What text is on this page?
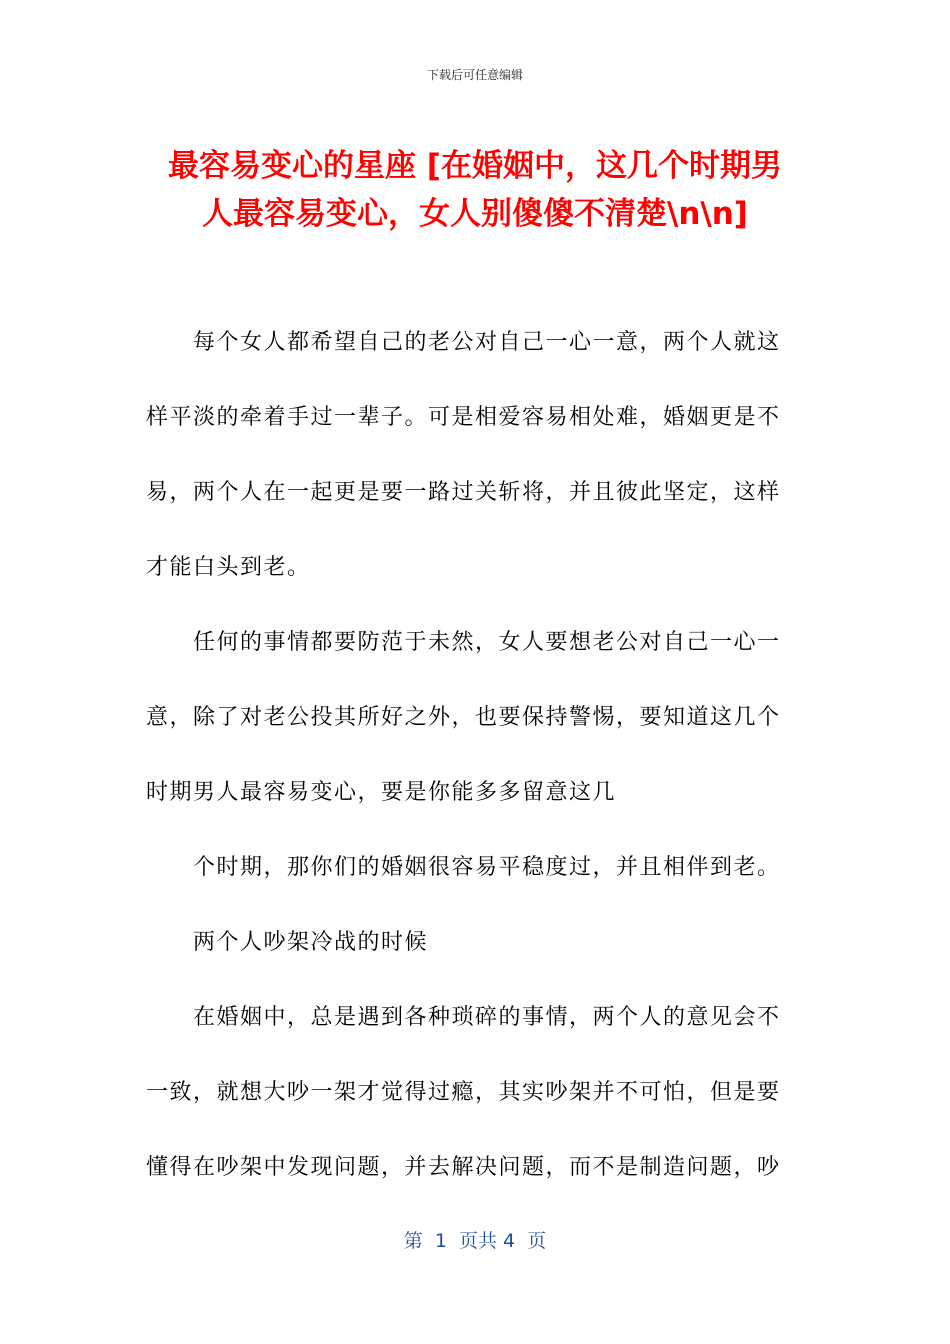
下载后可任意编辑
最容易变心的星座 [在婚姻中，这几个时期男
人最容易变心，女人别傻傻不清楚\n\n]
每个女人都希望自己的老公对自己一心一意，两个人就这
样平淡的牵着手过一辈子。可是相爱容易相处难，婚姻更是不
易，两个人在一起更是要一路过关斩将，并且彼此坚定，这样
才能白头到老。
任何的事情都要防范于未然，女人要想老公对自己一心一
意，除了对老公投其所好之外，也要保持警惕，要知道这几个
时期男人最容易变心，要是你能多多留意这几
个时期，那你们的婚姻很容易平稳度过，并且相伴到老。
两个人吵架冷战的时候
在婚姻中，总是遇到各种琐碎的事情，两个人的意见会不
一致，就想大吵一架才觉得过瘾，其实吵架并不可怕，但是要
懂得在吵架中发现问题，并去解决问题，而不是制造问题，吵
第  1  页共 4  页
